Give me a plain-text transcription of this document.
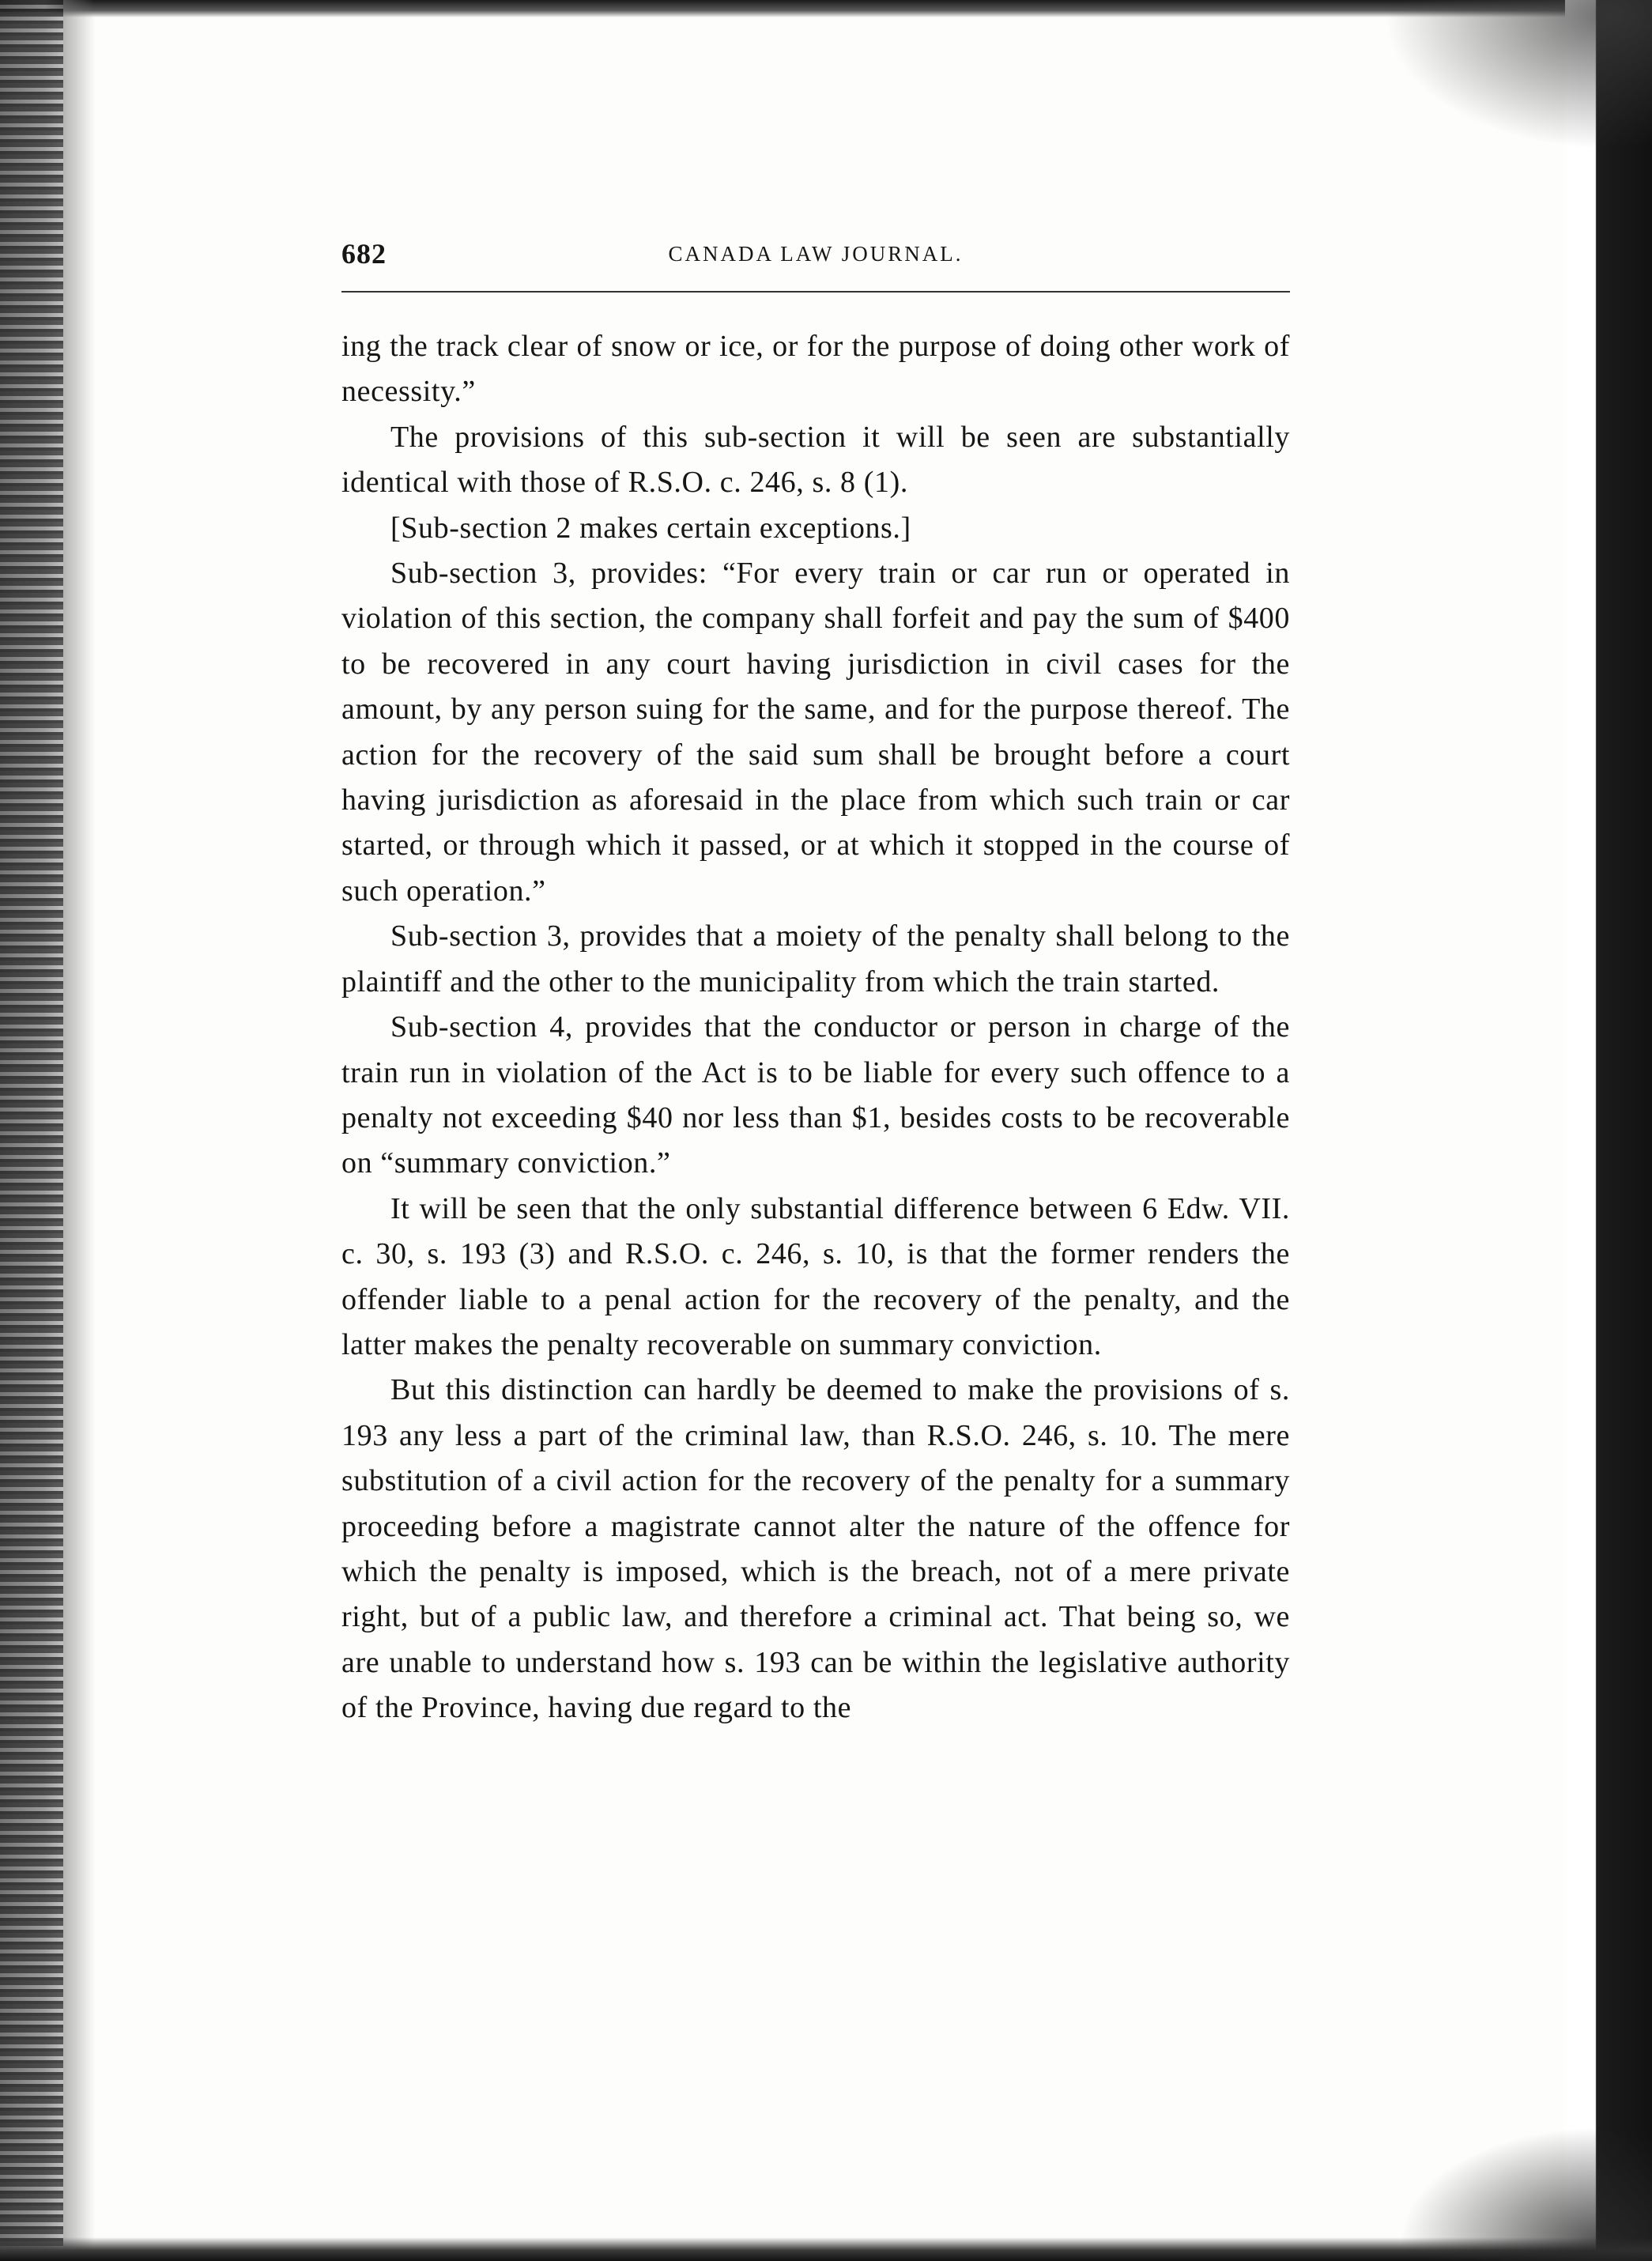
682	CANADA LAW JOURNAL.

ing the track clear of snow or ice, or for the purpose of doing other work of necessity.”

The provisions of this sub-section it will be seen are substantially identical with those of R.S.O. c. 246, s. 8 (1).

[Sub-section 2 makes certain exceptions.]

Sub-section 3, provides: “For every train or car run or operated in violation of this section, the company shall forfeit and pay the sum of $400 to be recovered in any court having jurisdiction in civil cases for the amount, by any person suing for the same, and for the purpose thereof. The action for the recovery of the said sum shall be brought before a court having jurisdiction as aforesaid in the place from which such train or car started, or through which it passed, or at which it stopped in the course of such operation.”

Sub-section 3, provides that a moiety of the penalty shall belong to the plaintiff and the other to the municipality from which the train started.

Sub-section 4, provides that the conductor or person in charge of the train run in violation of the Act is to be liable for every such offence to a penalty not exceeding $40 nor less than $1, besides costs to be recoverable on “summary conviction.”

It will be seen that the only substantial difference between 6 Edw. VII. c. 30, s. 193 (3) and R.S.O. c. 246, s. 10, is that the former renders the offender liable to a penal action for the recovery of the penalty, and the latter makes the penalty recoverable on summary conviction.

But this distinction can hardly be deemed to make the provisions of s. 193 any less a part of the criminal law, than R.S.O. 246, s. 10. The mere substitution of a civil action for the recovery of the penalty for a summary proceeding before a magistrate cannot alter the nature of the offence for which the penalty is imposed, which is the breach, not of a mere private right, but of a public law, and therefore a criminal act. That being so, we are unable to understand how s. 193 can be within the legislative authority of the Province, having due regard to the
